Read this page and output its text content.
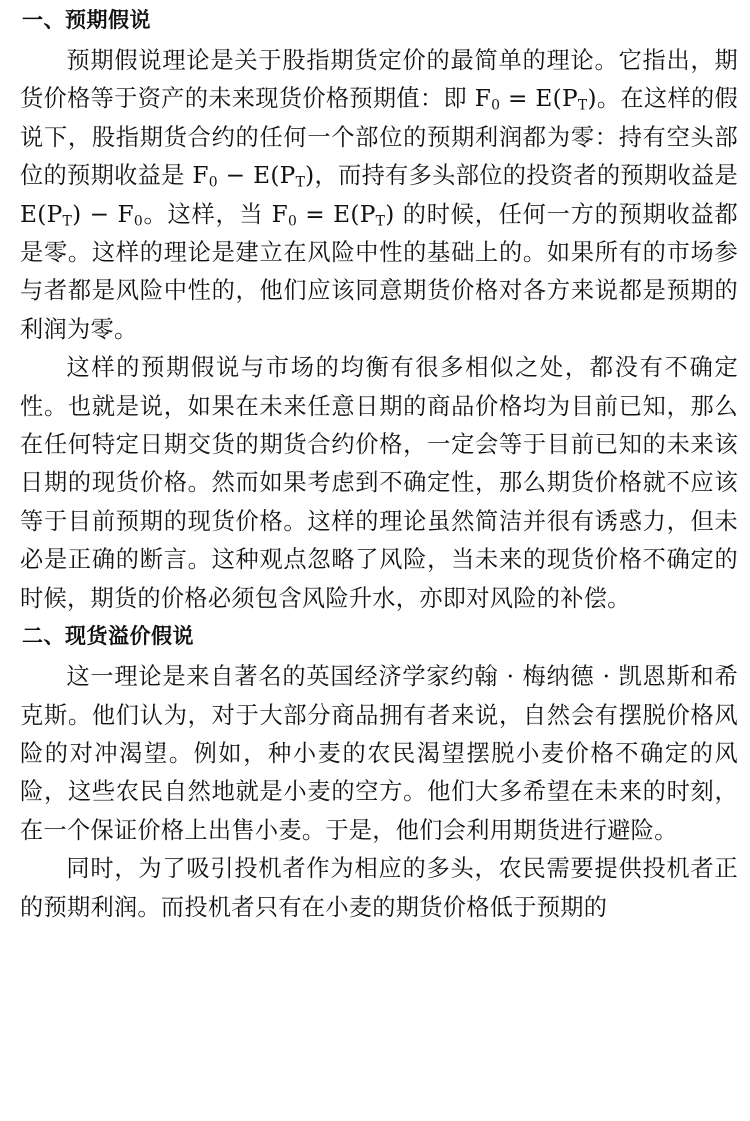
一、预期假说

预期假说理论是关于股指期货定价的最简单的理论。它指出，期货价格等于资产的未来现货价格预期值：即 $F_0 = E(P_T)$。在这样的假说下，股指期货合约的任何一个部位的预期利润都为零：持有空头部位的预期收益是 $F_0 - E(P_T)$，而持有多头部位的投资者的预期收益是 $E(P_T) - F_0$。这样，当 $F_0 = E(P_T)$ 的时候，任何一方的预期收益都是零。这样的理论是建立在风险中性的基础上的。如果所有的市场参与者都是风险中性的，他们应该同意期货价格对各方来说都是预期的利润为零。

这样的预期假说与市场的均衡有很多相似之处，都没有不确定性。也就是说，如果在未来任意日期的商品价格均为目前已知，那么在任何特定日期交货的期货合约价格，一定会等于目前已知的未来该日期的现货价格。然而如果考虑到不确定性，那么期货价格就不应该等于目前预期的现货价格。这样的理论虽然简洁并很有诱惑力，但未必是正确的断言。这种观点忽略了风险，当未来的现货价格不确定的时候，期货的价格必须包含风险升水，亦即对风险的补偿。

二、现货溢价假说

这一理论是来自著名的英国经济学家约翰 · 梅纳德 · 凯恩斯和希克斯。他们认为，对于大部分商品拥有者来说，自然会有摆脱价格风险的对冲渴望。例如，种小麦的农民渴望摆脱小麦价格不确定的风险，这些农民自然地就是小麦的空方。他们大多希望在未来的时刻，在一个保证价格上出售小麦。于是，他们会利用期货进行避险。

同时，为了吸引投机者作为相应的多头，农民需要提供投机者正的预期利润。而投机者只有在小麦的期货价格低于预期的
